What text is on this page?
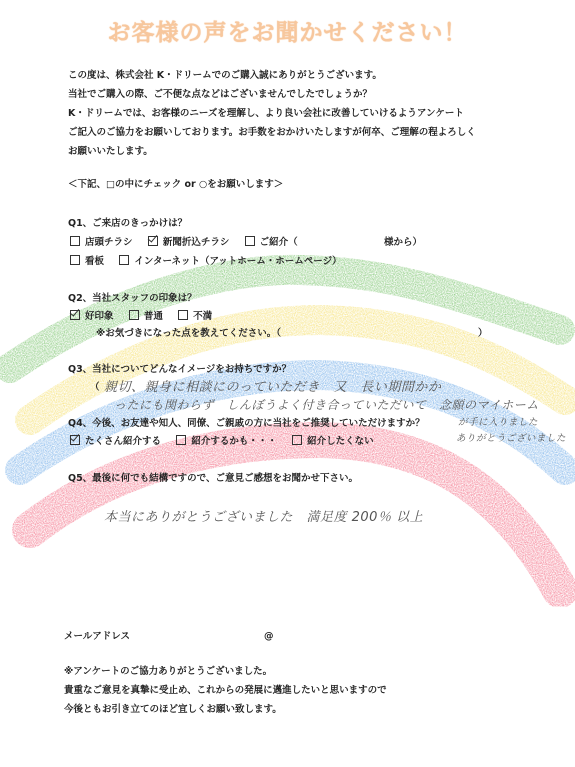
お客様の声をお聞かせください！
この度は、株式会社 K・ドリームでのご購入誠にありがとうございます。
当社でご購入の際、ご不便な点などはございませんでしたでしょうか？
K・ドリームでは、お客様のニーズを理解し、より良い会社に改善していけるようアンケート
ご記入のご協力をお願いしております。お手数をおかけいたしますが何卒、ご理解の程よろしく
お願いいたします。
＜下記、□の中にチェック or ○をお願いします＞
Q1、ご来店のきっかけは？
店頭チラシ	新聞折込チラシ	ご紹介（	様から）
看板	インターネット（アットホーム・ホームページ）
Q2、当社スタッフの印象は？
好印象	普通	不満
※お気づきになった点を教えてください。（	）
Q3、当社についてどんなイメージをお持ちですか？
（ 親切、親身に相談にのっていただき　又　長い期間かか
ったにも関わらず　しんぼうよく付き合っていただいて　念願のマイホーム
が手に入りました
ありがとうございました
Q4、今後、お友達や知人、同僚、ご親戚の方に当社をご推奨していただけますか？
たくさん紹介する	紹介するかも・・・	紹介したくない
Q5、最後に何でも結構ですので、ご意見ご感想をお聞かせ下さい。
本当にありがとうございました　満足度 200％ 以上
メールアドレス	@
※アンケートのご協力ありがとうございました。
貴重なご意見を真摯に受止め、これからの発展に邁進したいと思いますので
今後ともお引き立てのほど宜しくお願い致します。
